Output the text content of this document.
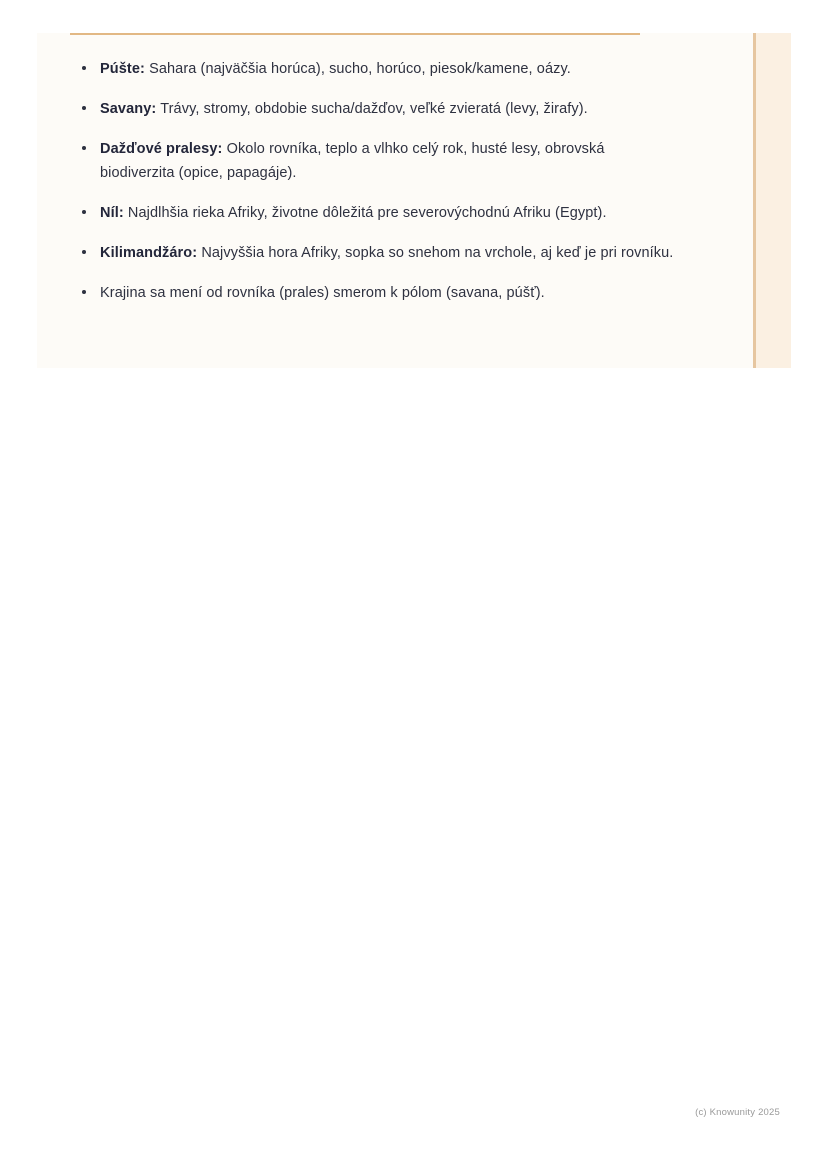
Púšte: Sahara (najväčšia horúca), sucho, horúco, piesok/kamene, oázy.
Savany: Trávy, stromy, obdobie sucha/dažďov, veľké zvieratá (levy, žirafy).
Dažďové pralesy: Okolo rovníka, teplo a vlhko celý rok, husté lesy, obrovská biodiverzita (opice, papagáje).
Níl: Najdlhšia rieka Afriky, životne dôležitá pre severovýchodnú Afriku (Egypt).
Kilimandžáro: Najvyššia hora Afriky, sopka so snehom na vrchole, aj keď je pri rovníku.
Krajina sa mení od rovníka (prales) smerom k pólom (savana, púšť).
(c) Knowunity 2025
